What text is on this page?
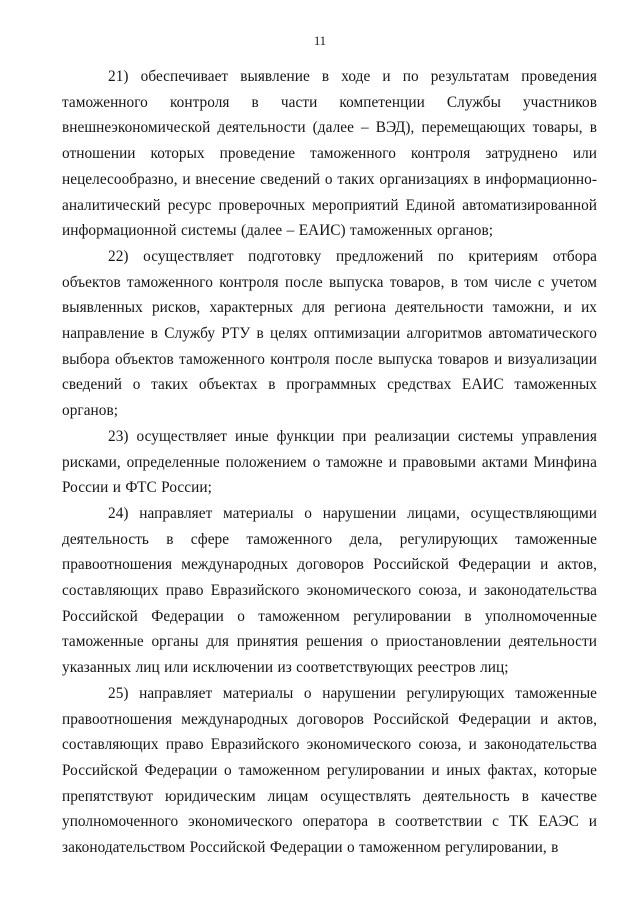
11

21) обеспечивает выявление в ходе и по результатам проведения таможенного контроля в части компетенции Службы участников внешнеэкономической деятельности (далее – ВЭД), перемещающих товары, в отношении которых проведение таможенного контроля затруднено или нецелесообразно, и внесение сведений о таких организациях в информационно-аналитический ресурс проверочных мероприятий Единой автоматизированной информационной системы (далее – ЕАИС) таможенных органов;

22) осуществляет подготовку предложений по критериям отбора объектов таможенного контроля после выпуска товаров, в том числе с учетом выявленных рисков, характерных для региона деятельности таможни, и их направление в Службу РТУ в целях оптимизации алгоритмов автоматического выбора объектов таможенного контроля после выпуска товаров и визуализации сведений о таких объектах в программных средствах ЕАИС таможенных органов;

23) осуществляет иные функции при реализации системы управления рисками, определенные положением о таможне и правовыми актами Минфина России и ФТС России;

24) направляет материалы о нарушении лицами, осуществляющими деятельность в сфере таможенного дела, регулирующих таможенные правоотношения международных договоров Российской Федерации и актов, составляющих право Евразийского экономического союза, и законодательства Российской Федерации о таможенном регулировании в уполномоченные таможенные органы для принятия решения о приостановлении деятельности указанных лиц или исключении из соответствующих реестров лиц;

25) направляет материалы о нарушении регулирующих таможенные правоотношения международных договоров Российской Федерации и актов, составляющих право Евразийского экономического союза, и законодательства Российской Федерации о таможенном регулировании и иных фактах, которые препятствуют юридическим лицам осуществлять деятельность в качестве уполномоченного экономического оператора в соответствии с ТК ЕАЭС и законодательством Российской Федерации о таможенном регулировании, в
